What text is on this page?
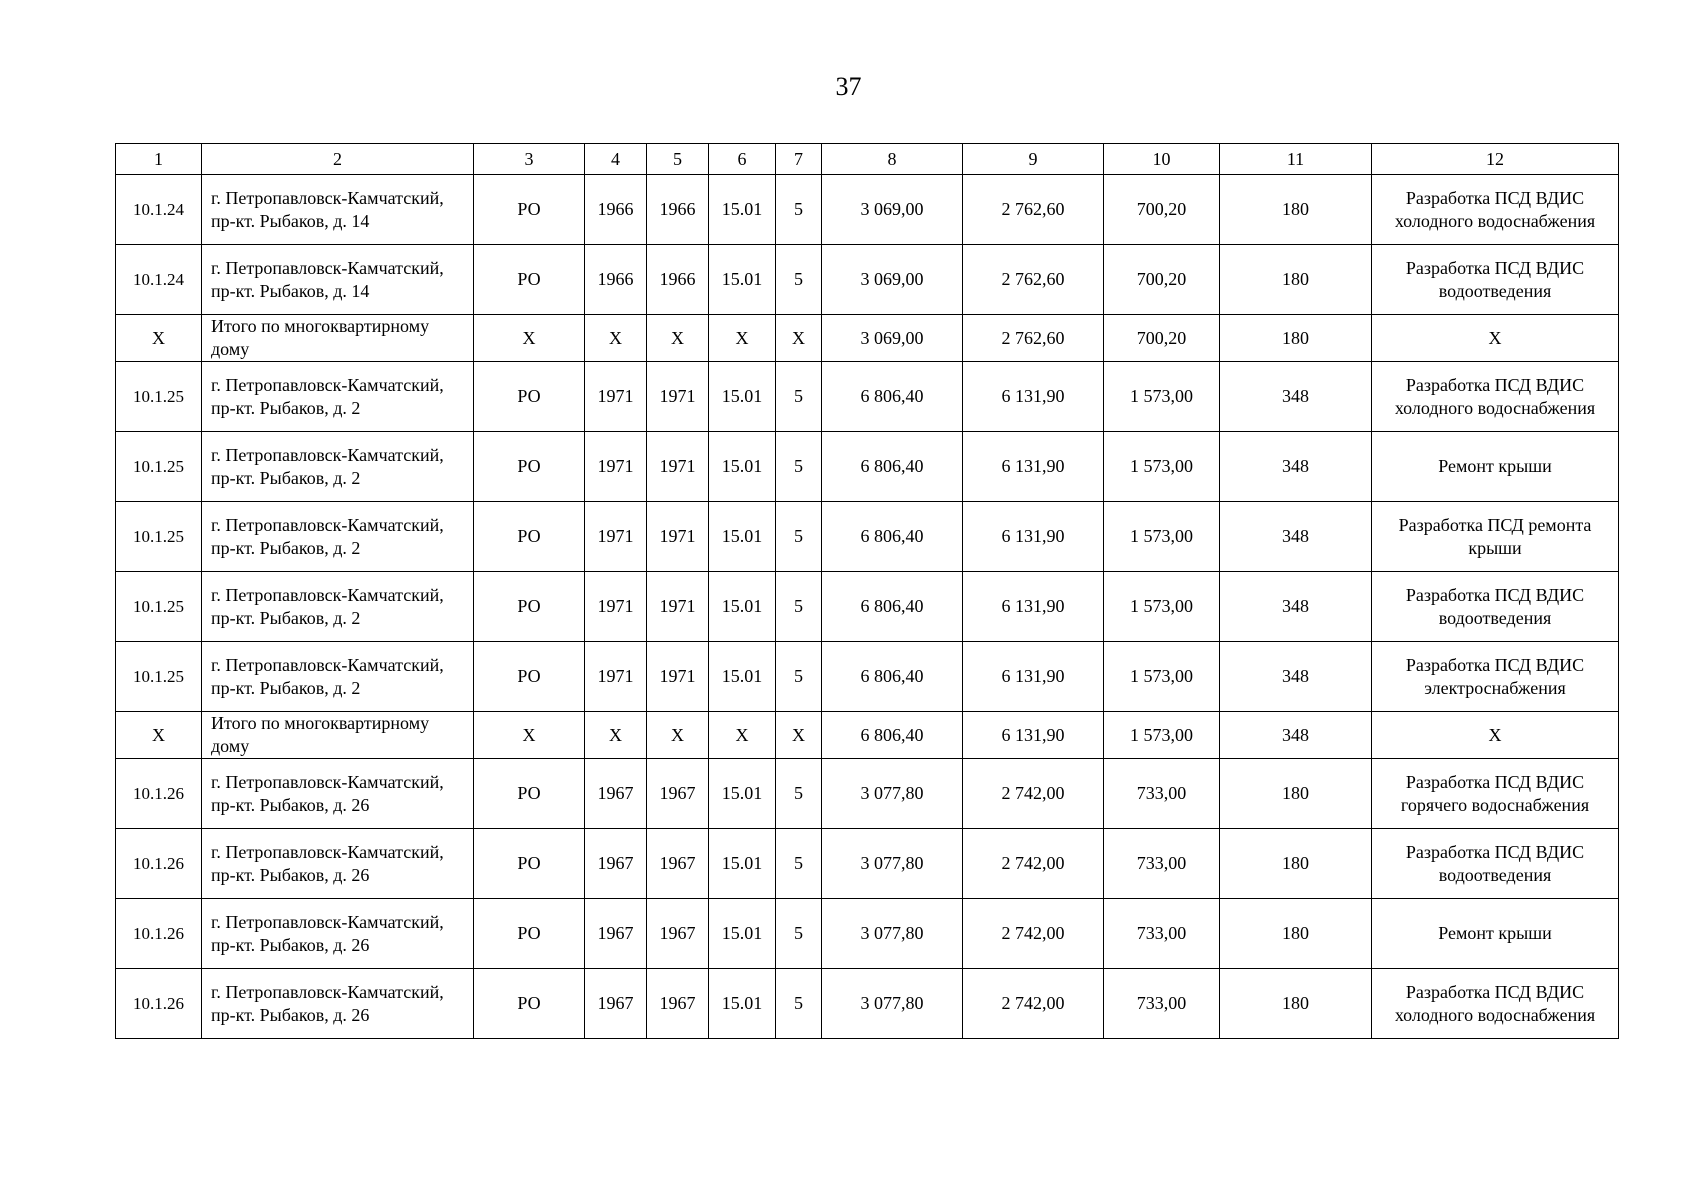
37
1	2	3	4	5	6	7	8	9	10	11	12
10.1.24	г. Петропавловск-Камчатский, пр-кт. Рыбаков, д. 14	РО	1966	1966	15.01	5	3 069,00	2 762,60	700,20	180	Разработка ПСД ВДИС холодного водоснабжения
10.1.24	г. Петропавловск-Камчатский, пр-кт. Рыбаков, д. 14	РО	1966	1966	15.01	5	3 069,00	2 762,60	700,20	180	Разработка ПСД ВДИС водоотведения
X	Итого по многоквартирному дому	X	X	X	X	X	3 069,00	2 762,60	700,20	180	X
10.1.25	г. Петропавловск-Камчатский, пр-кт. Рыбаков, д. 2	РО	1971	1971	15.01	5	6 806,40	6 131,90	1 573,00	348	Разработка ПСД ВДИС холодного водоснабжения
10.1.25	г. Петропавловск-Камчатский, пр-кт. Рыбаков, д. 2	РО	1971	1971	15.01	5	6 806,40	6 131,90	1 573,00	348	Ремонт крыши
10.1.25	г. Петропавловск-Камчатский, пр-кт. Рыбаков, д. 2	РО	1971	1971	15.01	5	6 806,40	6 131,90	1 573,00	348	Разработка ПСД ремонта крыши
10.1.25	г. Петропавловск-Камчатский, пр-кт. Рыбаков, д. 2	РО	1971	1971	15.01	5	6 806,40	6 131,90	1 573,00	348	Разработка ПСД ВДИС водоотведения
10.1.25	г. Петропавловск-Камчатский, пр-кт. Рыбаков, д. 2	РО	1971	1971	15.01	5	6 806,40	6 131,90	1 573,00	348	Разработка ПСД ВДИС электроснабжения
X	Итого по многоквартирному дому	X	X	X	X	X	6 806,40	6 131,90	1 573,00	348	X
10.1.26	г. Петропавловск-Камчатский, пр-кт. Рыбаков, д. 26	РО	1967	1967	15.01	5	3 077,80	2 742,00	733,00	180	Разработка ПСД ВДИС горячего водоснабжения
10.1.26	г. Петропавловск-Камчатский, пр-кт. Рыбаков, д. 26	РО	1967	1967	15.01	5	3 077,80	2 742,00	733,00	180	Разработка ПСД ВДИС водоотведения
10.1.26	г. Петропавловск-Камчатский, пр-кт. Рыбаков, д. 26	РО	1967	1967	15.01	5	3 077,80	2 742,00	733,00	180	Ремонт крыши
10.1.26	г. Петропавловск-Камчатский, пр-кт. Рыбаков, д. 26	РО	1967	1967	15.01	5	3 077,80	2 742,00	733,00	180	Разработка ПСД ВДИС холодного водоснабжения
